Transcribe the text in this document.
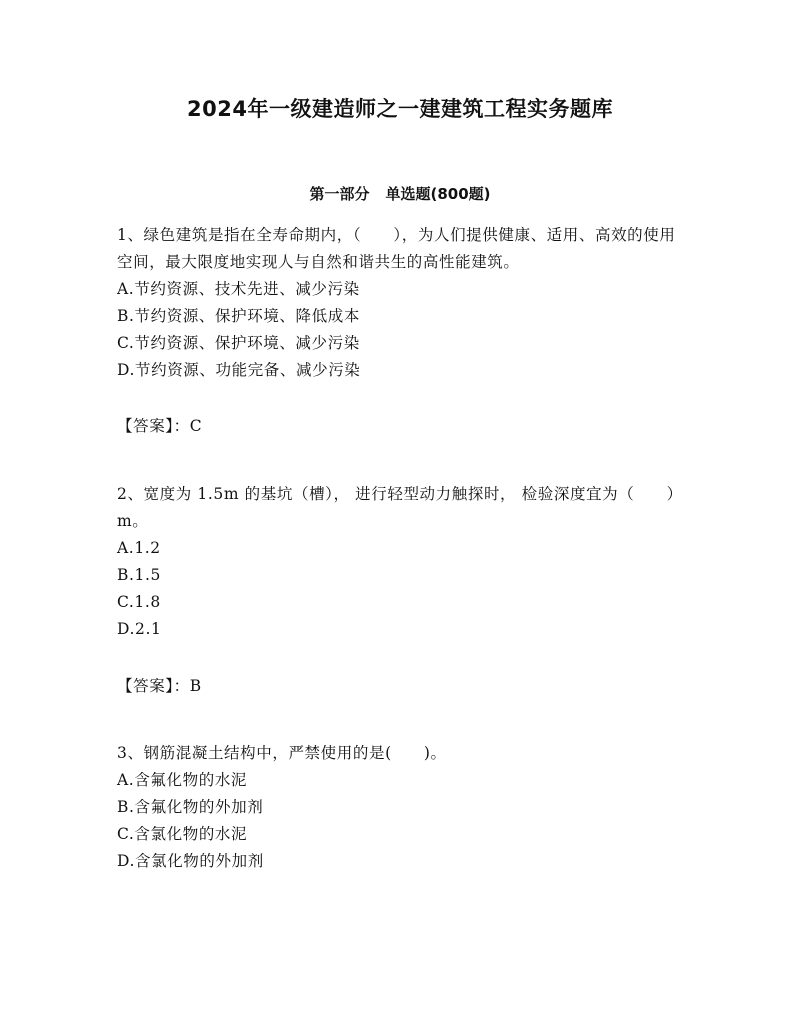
2024年一级建造师之一建建筑工程实务题库
第一部分 单选题(800题)

1、绿色建筑是指在全寿命期内，（　　），为人们提供健康、适用、高效的使用空间，最大限度地实现人与自然和谐共生的高性能建筑。

A.节约资源、技术先进、减少污染

B.节约资源、保护环境、降低成本

C.节约资源、保护环境、减少污染

D.节约资源、功能完备、减少污染

【答案】：C

2、宽度为 1.5m 的基坑（槽）， 进行轻型动力触探时， 检验深度宜为（　　） m。

A.1.2

B.1.5

C.1.8

D.2.1

【答案】：B

3、钢筋混凝土结构中，严禁使用的是(　　)。

A.含氟化物的水泥

B.含氟化物的外加剂

C.含氯化物的水泥

D.含氯化物的外加剂
